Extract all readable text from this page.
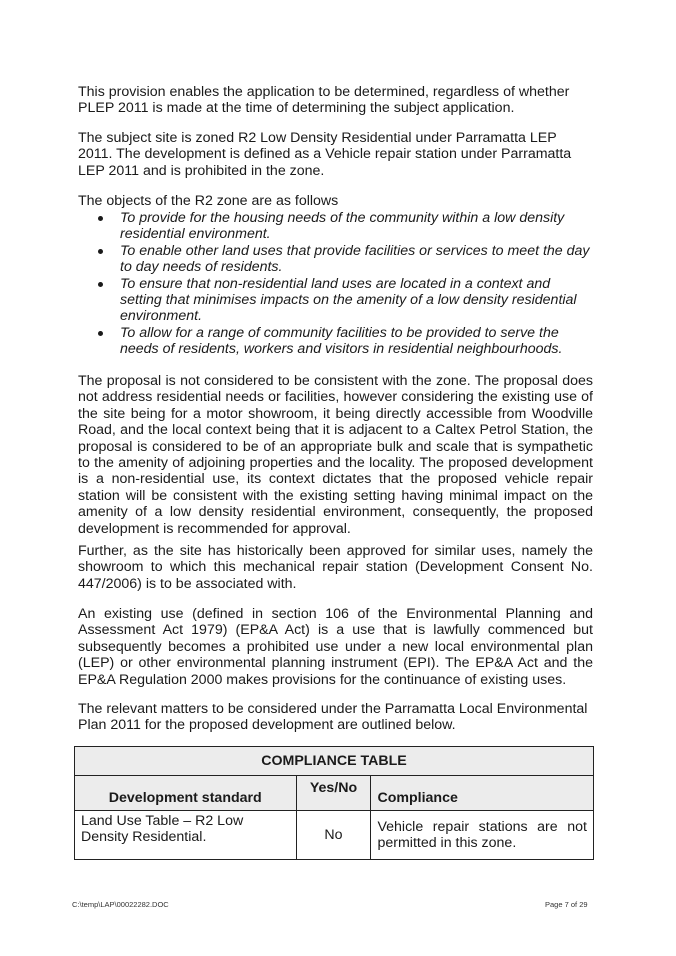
This provision enables the application to be determined, regardless of whether PLEP 2011 is made at the time of determining the subject application.

The subject site is zoned R2 Low Density Residential under Parramatta LEP 2011. The development is defined as a Vehicle repair station under Parramatta LEP 2011 and is prohibited in the zone.

The objects of the R2 zone are as follows

To provide for the housing needs of the community within a low density residential environment.
To enable other land uses that provide facilities or services to meet the day to day needs of residents.
To ensure that non-residential land uses are located in a context and setting that minimises impacts on the amenity of a low density residential environment.
To allow for a range of community facilities to be provided to serve the needs of residents, workers and visitors in residential neighbourhoods.

The proposal is not considered to be consistent with the zone. The proposal does not address residential needs or facilities, however considering the existing use of the site being for a motor showroom, it being directly accessible from Woodville Road, and the local context being that it is adjacent to a Caltex Petrol Station, the proposal is considered to be of an appropriate bulk and scale that is sympathetic to the amenity of adjoining properties and the locality. The proposed development is a non-residential use, its context dictates that the proposed vehicle repair station will be consistent with the existing setting having minimal impact on the amenity of a low density residential environment, consequently, the proposed development is recommended for approval.

Further, as the site has historically been approved for similar uses, namely the showroom to which this mechanical repair station (Development Consent No. 447/2006) is to be associated with.

An existing use (defined in section 106 of the Environmental Planning and Assessment Act 1979) (EP&A Act) is a use that is lawfully commenced but subsequently becomes a prohibited use under a new local environmental plan (LEP) or other environmental planning instrument (EPI). The EP&A Act and the EP&A Regulation 2000 makes provisions for the continuance of existing uses.

The relevant matters to be considered under the Parramatta Local Environmental Plan 2011 for the proposed development are outlined below.

COMPLIANCE TABLE		
Development standard	Yes/No	Compliance
Land Use Table – R2 Low Density Residential.	No	Vehicle repair stations are not permitted in this zone.
C:\temp\LAP\00022282.DOC	Page 7 of 29
